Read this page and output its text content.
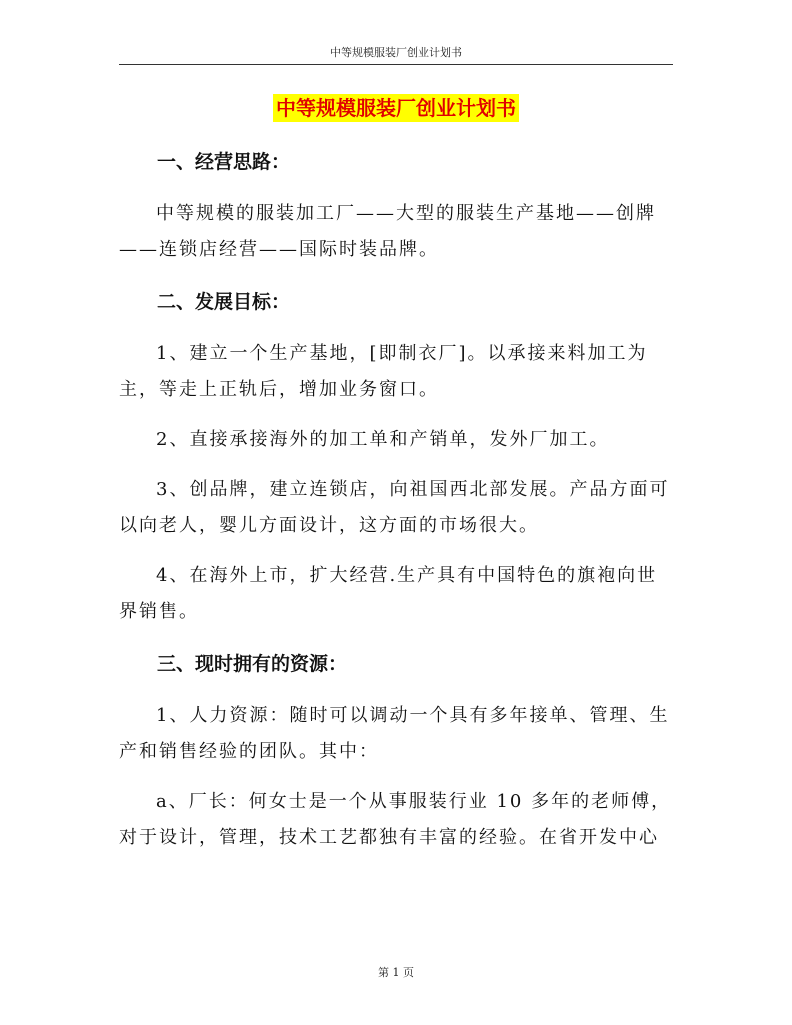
中等规模服装厂创业计划书
中等规模服装厂创业计划书
一、经营思路：

中等规模的服装加工厂——大型的服装生产基地——创牌——连锁店经营——国际时装品牌。

二、发展目标：

1、建立一个生产基地，[即制衣厂]。以承接来料加工为主，等走上正轨后，增加业务窗口。

2、直接承接海外的加工单和产销单，发外厂加工。

3、创品牌，建立连锁店，向祖国西北部发展。产品方面可以向老人，婴儿方面设计，这方面的市场很大。

4、在海外上市，扩大经营.生产具有中国特色的旗袍向世界销售。

三、现时拥有的资源：

1、人力资源：随时可以调动一个具有多年接单、管理、生产和销售经验的团队。其中：

a、厂长：何女士是一个从事服装行业 10 多年的老师傅，对于设计，管理，技术工艺都独有丰富的经验。在省开发中心

第 1 页
